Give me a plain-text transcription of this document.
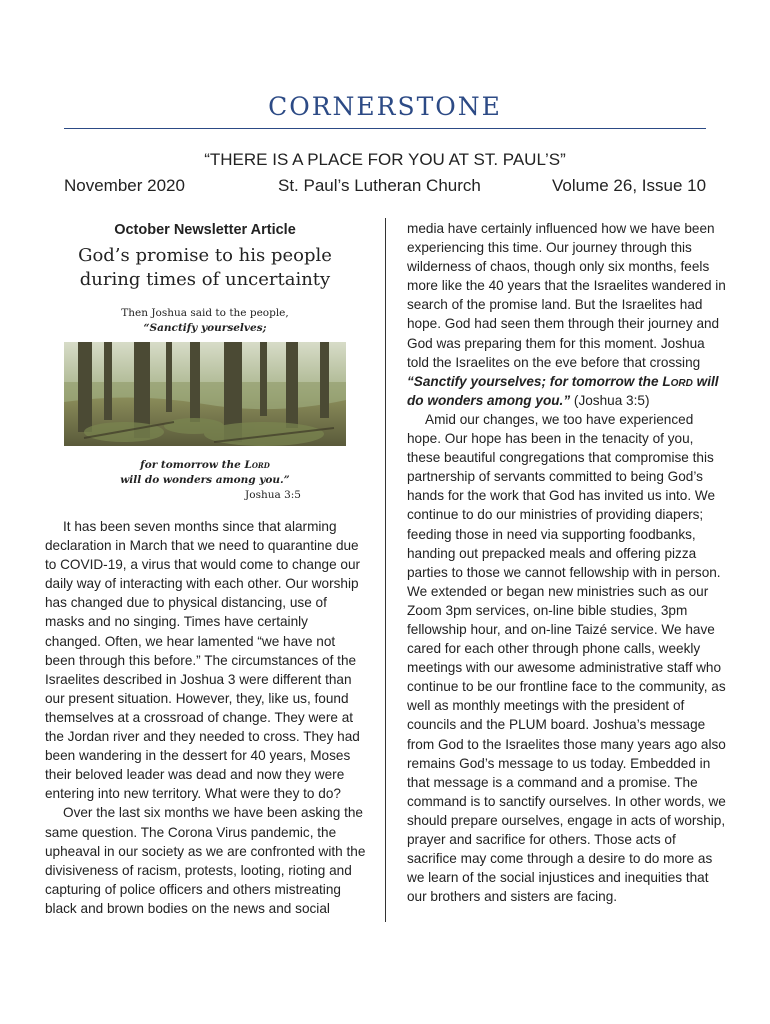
CORNERSTONE
“THERE IS A PLACE FOR YOU AT ST. PAUL’S”
November 2020	St. Paul’s Lutheran Church	Volume 26, Issue 10
October Newsletter Article
God’s promise to his people during times of uncertainty
Then Joshua said to the people,
“Sanctify yourselves;
for tomorrow the Lord
will do wonders among you.”
Joshua 3:5

It has been seven months since that alarming declaration in March that we need to quarantine due to COVID-19, a virus that would come to change our daily way of interacting with each other. Our worship has changed due to physical distancing, use of masks and no singing. Times have certainly changed. Often, we hear lamented “we have not been through this before.” The circumstances of the Israelites described in Joshua 3 were different than our present situation. However, they, like us, found themselves at a crossroad of change. They were at the Jordan river and they needed to cross. They had been wandering in the dessert for 40 years, Moses their beloved leader was dead and now they were entering into new territory. What were they to do?

Over the last six months we have been asking the same question. The Corona Virus pandemic, the upheaval in our society as we are confronted with the divisiveness of racism, protests, looting, rioting and capturing of police officers and others mistreating black and brown bodies on the news and social

media have certainly influenced how we have been experiencing this time. Our journey through this wilderness of chaos, though only six months, feels more like the 40 years that the Israelites wandered in search of the promise land. But the Israelites had hope. God had seen them through their journey and God was preparing them for this moment. Joshua told the Israelites on the eve before that crossing “Sanctify yourselves; for tomorrow the Lord will do wonders among you.” (Joshua 3:5)

Amid our changes, we too have experienced hope. Our hope has been in the tenacity of you, these beautiful congregations that compromise this partnership of servants committed to being God’s hands for the work that God has invited us into. We continue to do our ministries of providing diapers; feeding those in need via supporting foodbanks, handing out prepacked meals and offering pizza parties to those we cannot fellowship with in person. We extended or began new ministries such as our Zoom 3pm services, on-line bible studies, 3pm fellowship hour, and on-line Taizé service. We have cared for each other through phone calls, weekly meetings with our awesome administrative staff who continue to be our frontline face to the community, as well as monthly meetings with the president of councils and the PLUM board. Joshua’s message from God to the Israelites those many years ago also remains God’s message to us today. Embedded in that message is a command and a promise. The command is to sanctify ourselves. In other words, we should prepare ourselves, engage in acts of worship, prayer and sacrifice for others. Those acts of sacrifice may come through a desire to do more as we learn of the social injustices and inequities that our brothers and sisters are facing.
